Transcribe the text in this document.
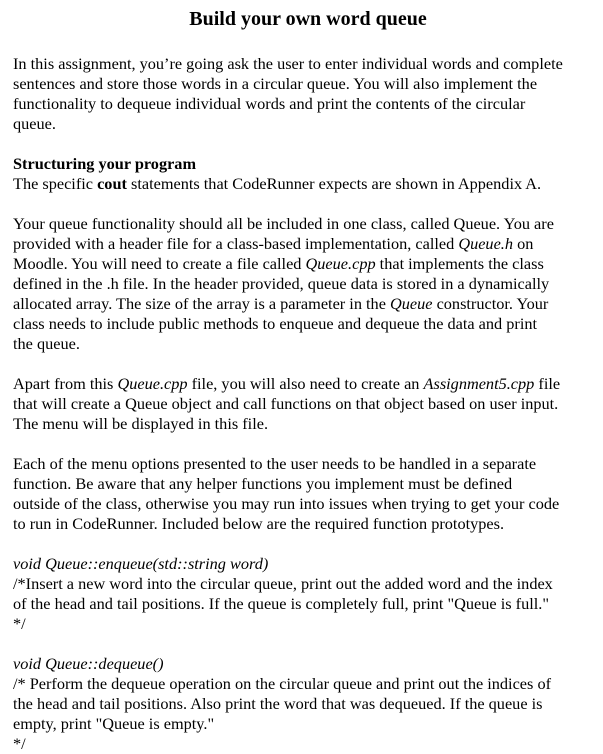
Build your own word queue
In this assignment, you’re going ask the user to enter individual words and complete
sentences and store those words in a circular queue. You will also implement the
functionality to dequeue individual words and print the contents of the circular
queue.
Structuring your program
The specific cout statements that CodeRunner expects are shown in Appendix A.
Your queue functionality should all be included in one class, called Queue. You are
provided with a header file for a class-based implementation, called Queue.h on
Moodle. You will need to create a file called Queue.cpp that implements the class
defined in the .h file. In the header provided, queue data is stored in a dynamically
allocated array. The size of the array is a parameter in the Queue constructor. Your
class needs to include public methods to enqueue and dequeue the data and print
the queue.
Apart from this Queue.cpp file, you will also need to create an Assignment5.cpp file
that will create a Queue object and call functions on that object based on user input.
The menu will be displayed in this file.
Each of the menu options presented to the user needs to be handled in a separate
function. Be aware that any helper functions you implement must be defined
outside of the class, otherwise you may run into issues when trying to get your code
to run in CodeRunner. Included below are the required function prototypes.
void Queue::enqueue(std::string word)
/*Insert a new word into the circular queue, print out the added word and the index
of the head and tail positions. If the queue is completely full, print "Queue is full."
*/
void Queue::dequeue()
/* Perform the dequeue operation on the circular queue and print out the indices of
the head and tail positions. Also print the word that was dequeued. If the queue is
empty, print "Queue is empty."
*/
